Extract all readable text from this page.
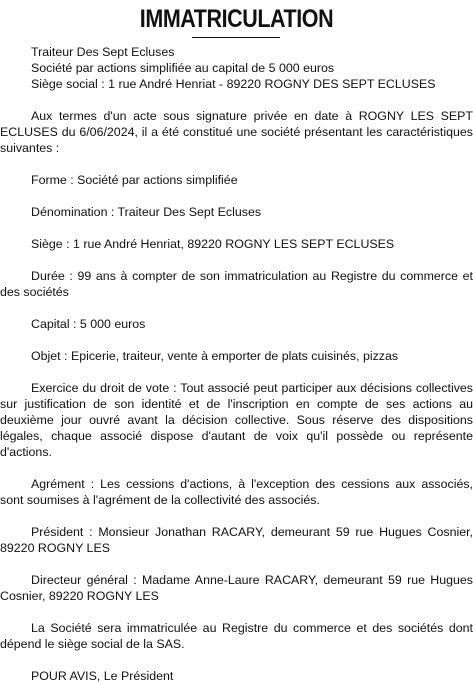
IMMATRICULATION
Traiteur Des Sept Ecluses
Société par actions simplifiée au capital de 5 000 euros
Siège social : 1 rue André Henriat - 89220 ROGNY DES SEPT ECLUSES

Aux termes d'un acte sous signature privée en date à ROGNY LES SEPT ECLUSES du 6/06/2024, il a été constitué une société présentant les caractéristiques suivantes :

Forme : Société par actions simplifiée

Dénomination : Traiteur Des Sept Ecluses

Siège : 1 rue André Henriat, 89220 ROGNY LES SEPT ECLUSES

Durée : 99 ans à compter de son immatriculation au Registre du commerce et des sociétés

Capital : 5 000 euros

Objet : Epicerie, traiteur, vente à emporter de plats cuisinés, pizzas

Exercice du droit de vote : Tout associé peut participer aux décisions collectives sur justification de son identité et de l'inscription en compte de ses actions au deuxième jour ouvré avant la décision collective. Sous réserve des dispositions légales, chaque associé dispose d'autant de voix qu'il possède ou représente d'actions.

Agrément : Les cessions d'actions, à l'exception des cessions aux associés, sont soumises à l'agrément de la collectivité des associés.

Président : Monsieur Jonathan RACARY, demeurant 59 rue Hugues Cosnier, 89220 ROGNY LES

Directeur général : Madame Anne-Laure RACARY, demeurant 59 rue Hugues Cosnier, 89220 ROGNY LES

La Société sera immatriculée au Registre du commerce et des sociétés dont dépend le siège social de la SAS.

POUR AVIS, Le Président
